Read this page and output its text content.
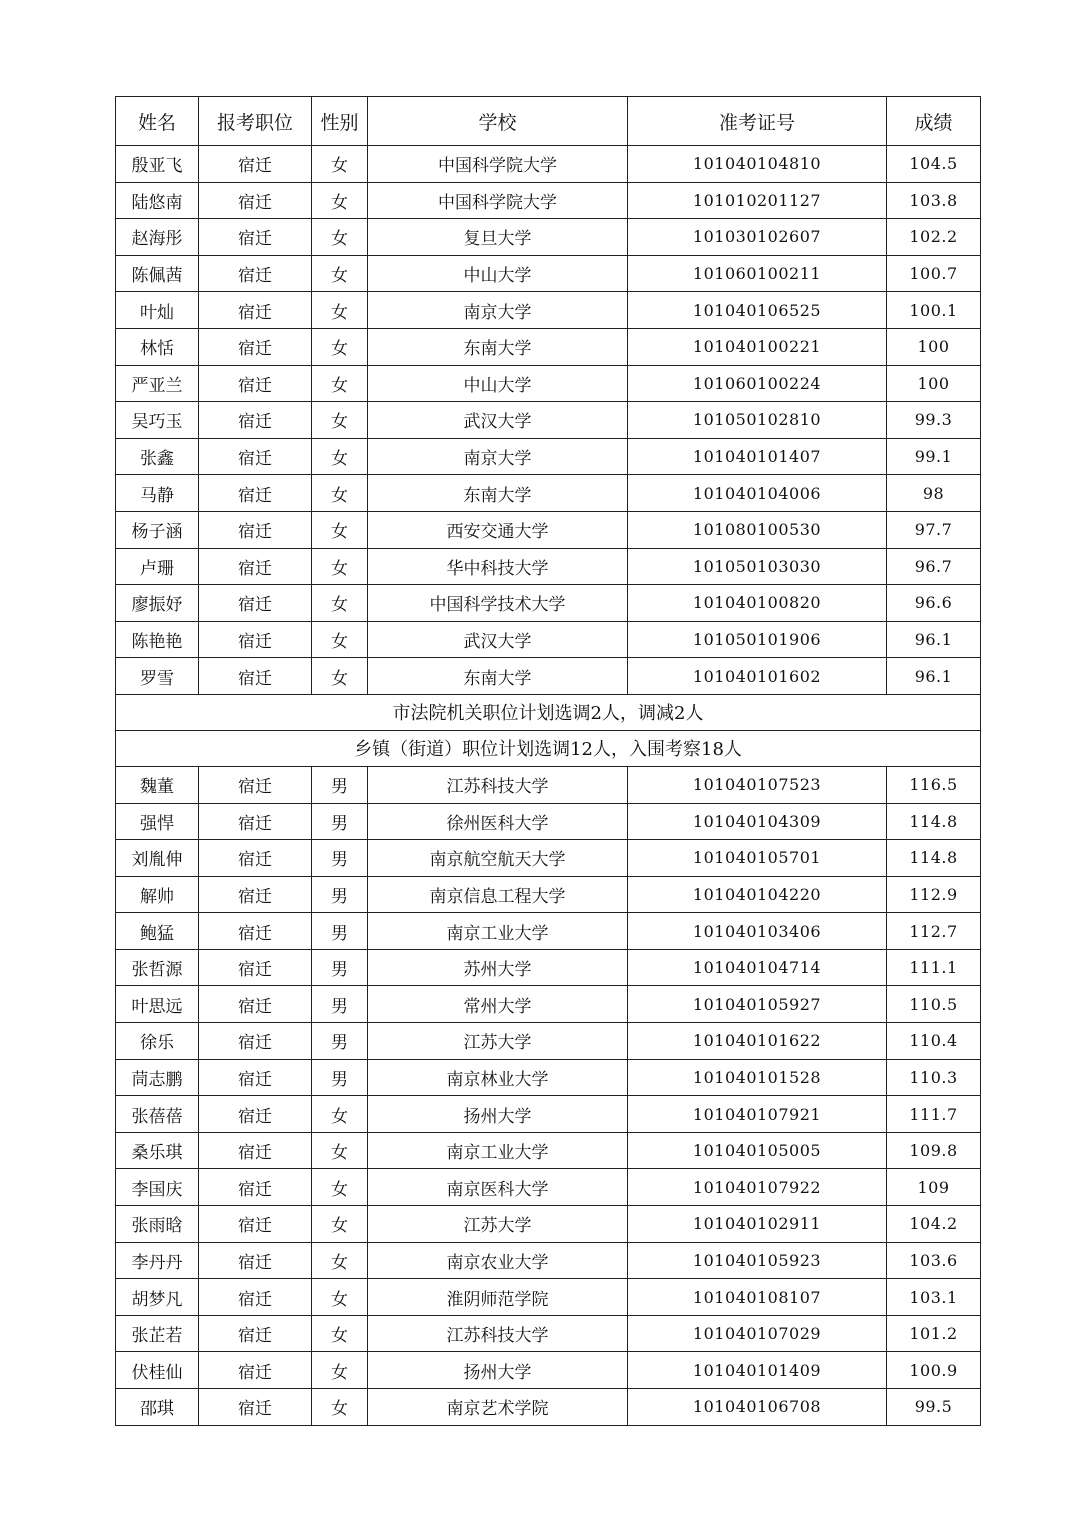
姓名	报考职位	性别	学校	准考证号	成绩
殷亚飞	宿迁	女	中国科学院大学	101040104810	104.5
陆悠南	宿迁	女	中国科学院大学	101010201127	103.8
赵海彤	宿迁	女	复旦大学	101030102607	102.2
陈佩茜	宿迁	女	中山大学	101060100211	100.7
叶灿	宿迁	女	南京大学	101040106525	100.1
林恬	宿迁	女	东南大学	101040100221	100
严亚兰	宿迁	女	中山大学	101060100224	100
吴巧玉	宿迁	女	武汉大学	101050102810	99.3
张鑫	宿迁	女	南京大学	101040101407	99.1
马静	宿迁	女	东南大学	101040104006	98
杨子涵	宿迁	女	西安交通大学	101080100530	97.7
卢珊	宿迁	女	华中科技大学	101050103030	96.7
廖振妤	宿迁	女	中国科学技术大学	101040100820	96.6
陈艳艳	宿迁	女	武汉大学	101050101906	96.1
罗雪	宿迁	女	东南大学	101040101602	96.1
市法院机关职位计划选调2人，调减2人					
乡镇（街道）职位计划选调12人，入围考察18人					
魏董	宿迁	男	江苏科技大学	101040107523	116.5
强悍	宿迁	男	徐州医科大学	101040104309	114.8
刘胤伸	宿迁	男	南京航空航天大学	101040105701	114.8
解帅	宿迁	男	南京信息工程大学	101040104220	112.9
鲍猛	宿迁	男	南京工业大学	101040103406	112.7
张哲源	宿迁	男	苏州大学	101040104714	111.1
叶思远	宿迁	男	常州大学	101040105927	110.5
徐乐	宿迁	男	江苏大学	101040101622	110.4
茼志鹏	宿迁	男	南京林业大学	101040101528	110.3
张蓓蓓	宿迁	女	扬州大学	101040107921	111.7
桑乐琪	宿迁	女	南京工业大学	101040105005	109.8
李国庆	宿迁	女	南京医科大学	101040107922	109
张雨晗	宿迁	女	江苏大学	101040102911	104.2
李丹丹	宿迁	女	南京农业大学	101040105923	103.6
胡梦凡	宿迁	女	淮阴师范学院	101040108107	103.1
张芷若	宿迁	女	江苏科技大学	101040107029	101.2
伏桂仙	宿迁	女	扬州大学	101040101409	100.9
邵琪	宿迁	女	南京艺术学院	101040106708	99.5
